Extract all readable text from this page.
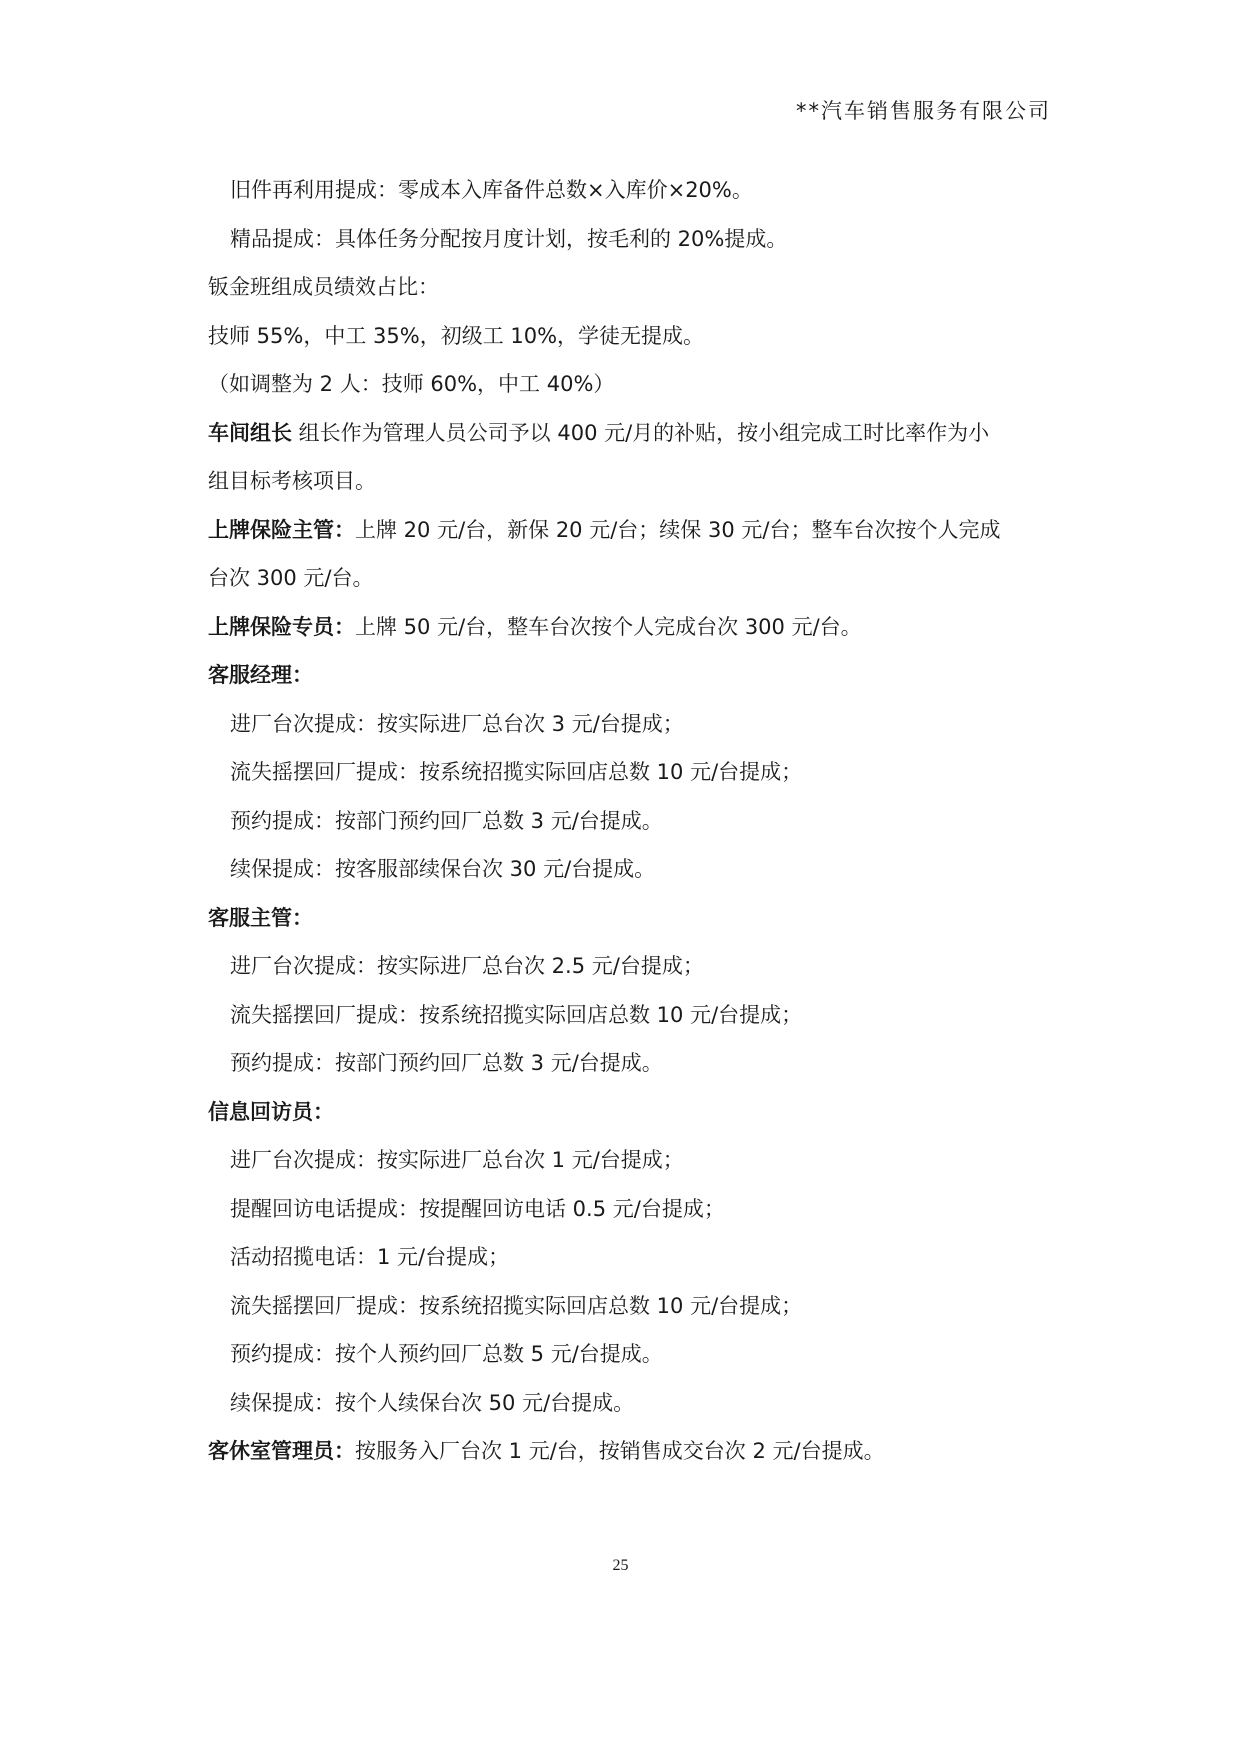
**汽车销售服务有限公司
旧件再利用提成：零成本入库备件总数×入库价×20%。
精品提成：具体任务分配按月度计划，按毛利的 20%提成。
钣金班组成员绩效占比：
技师 55%，中工 35%，初级工 10%，学徒无提成。
（如调整为 2 人：技师 60%，中工 40%）
车间组长 组长作为管理人员公司予以 400 元/月的补贴，按小组完成工时比率作为小
组目标考核项目。
上牌保险主管：上牌 20 元/台，新保 20 元/台；续保 30 元/台；整车台次按个人完成
台次 300 元/台。
上牌保险专员：上牌 50 元/台，整车台次按个人完成台次 300 元/台。
客服经理：
进厂台次提成：按实际进厂总台次 3 元/台提成；
流失摇摆回厂提成：按系统招揽实际回店总数 10 元/台提成；
预约提成：按部门预约回厂总数 3 元/台提成。
续保提成：按客服部续保台次 30 元/台提成。
客服主管：
进厂台次提成：按实际进厂总台次 2.5 元/台提成；
流失摇摆回厂提成：按系统招揽实际回店总数 10 元/台提成；
预约提成：按部门预约回厂总数 3 元/台提成。
信息回访员：
进厂台次提成：按实际进厂总台次 1 元/台提成；
提醒回访电话提成：按提醒回访电话 0.5 元/台提成；
活动招揽电话：1 元/台提成；
流失摇摆回厂提成：按系统招揽实际回店总数 10 元/台提成；
预约提成：按个人预约回厂总数 5 元/台提成。
续保提成：按个人续保台次 50 元/台提成。
客休室管理员：按服务入厂台次 1 元/台，按销售成交台次 2 元/台提成。
25
